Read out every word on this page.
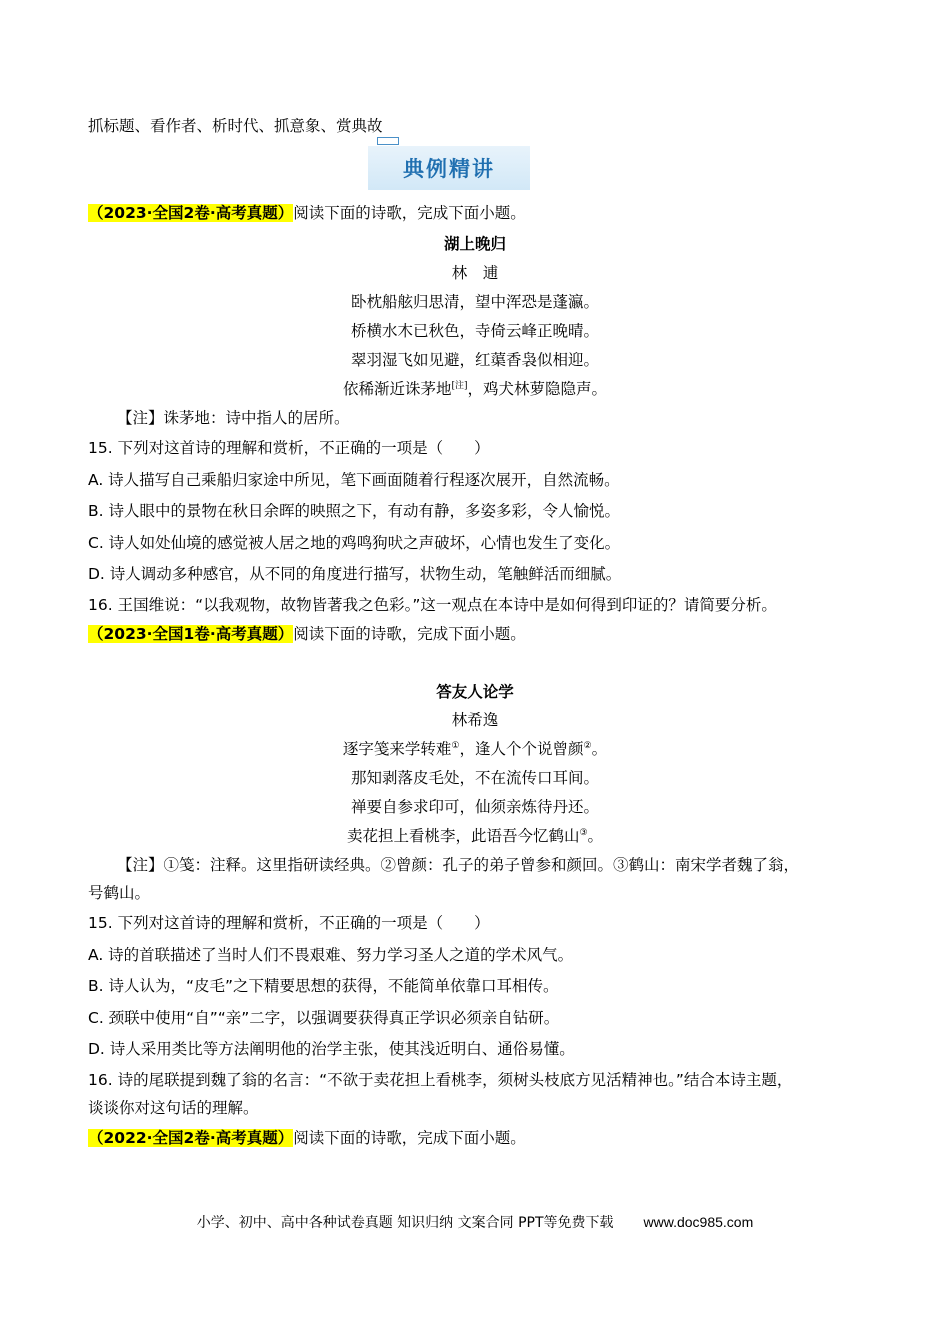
抓标题、看作者、析时代、抓意象、赏典故
典例精讲
（2023·全国2卷·高考真题）阅读下面的诗歌，完成下面小题。
湖上晚归
林　逋
卧枕船舷归思清，望中浑恐是蓬瀛。
桥横水木已秋色，寺倚云峰正晚晴。
翠羽湿飞如见避，红蕖香袅似相迎。
依稀渐近诛茅地[注]，鸡犬林萝隐隐声。
【注】诛茅地：诗中指人的居所。
15. 下列对这首诗的理解和赏析，不正确的一项是（　　）
A. 诗人描写自己乘船归家途中所见，笔下画面随着行程逐次展开，自然流畅。
B. 诗人眼中的景物在秋日余晖的映照之下，有动有静，多姿多彩，令人愉悦。
C. 诗人如处仙境的感觉被人居之地的鸡鸣狗吠之声破坏，心情也发生了变化。
D. 诗人调动多种感官，从不同的角度进行描写，状物生动，笔触鲜活而细腻。
16. 王国维说：“以我观物，故物皆著我之色彩。”这一观点在本诗中是如何得到印证的？请简要分析。
（2023·全国1卷·高考真题）阅读下面的诗歌，完成下面小题。
答友人论学
林希逸
逐字笺来学转难①，逢人个个说曾颜②。
那知剥落皮毛处，不在流传口耳间。
禅要自参求印可，仙须亲炼待丹还。
卖花担上看桃李，此语吾今忆鹤山③。
【注】①笺：注释。这里指研读经典。②曾颜：孔子的弟子曾参和颜回。③鹤山：南宋学者魏了翁，
号鹤山。
15. 下列对这首诗的理解和赏析，不正确的一项是（　　）
A. 诗的首联描述了当时人们不畏艰难、努力学习圣人之道的学术风气。
B. 诗人认为，“皮毛”之下精要思想的获得，不能简单依靠口耳相传。
C. 颈联中使用“自”“亲”二字，以强调要获得真正学识必须亲自钻研。
D. 诗人采用类比等方法阐明他的治学主张，使其浅近明白、通俗易懂。
16. 诗的尾联提到魏了翁的名言：“不欲于卖花担上看桃李，须树头枝底方见活精神也。”结合本诗主题，
谈谈你对这句话的理解。
（2022·全国2卷·高考真题）阅读下面的诗歌，完成下面小题。
小学、初中、高中各种试卷真题 知识归纳 文案合同 PPT等免费下载 www.doc985.com
